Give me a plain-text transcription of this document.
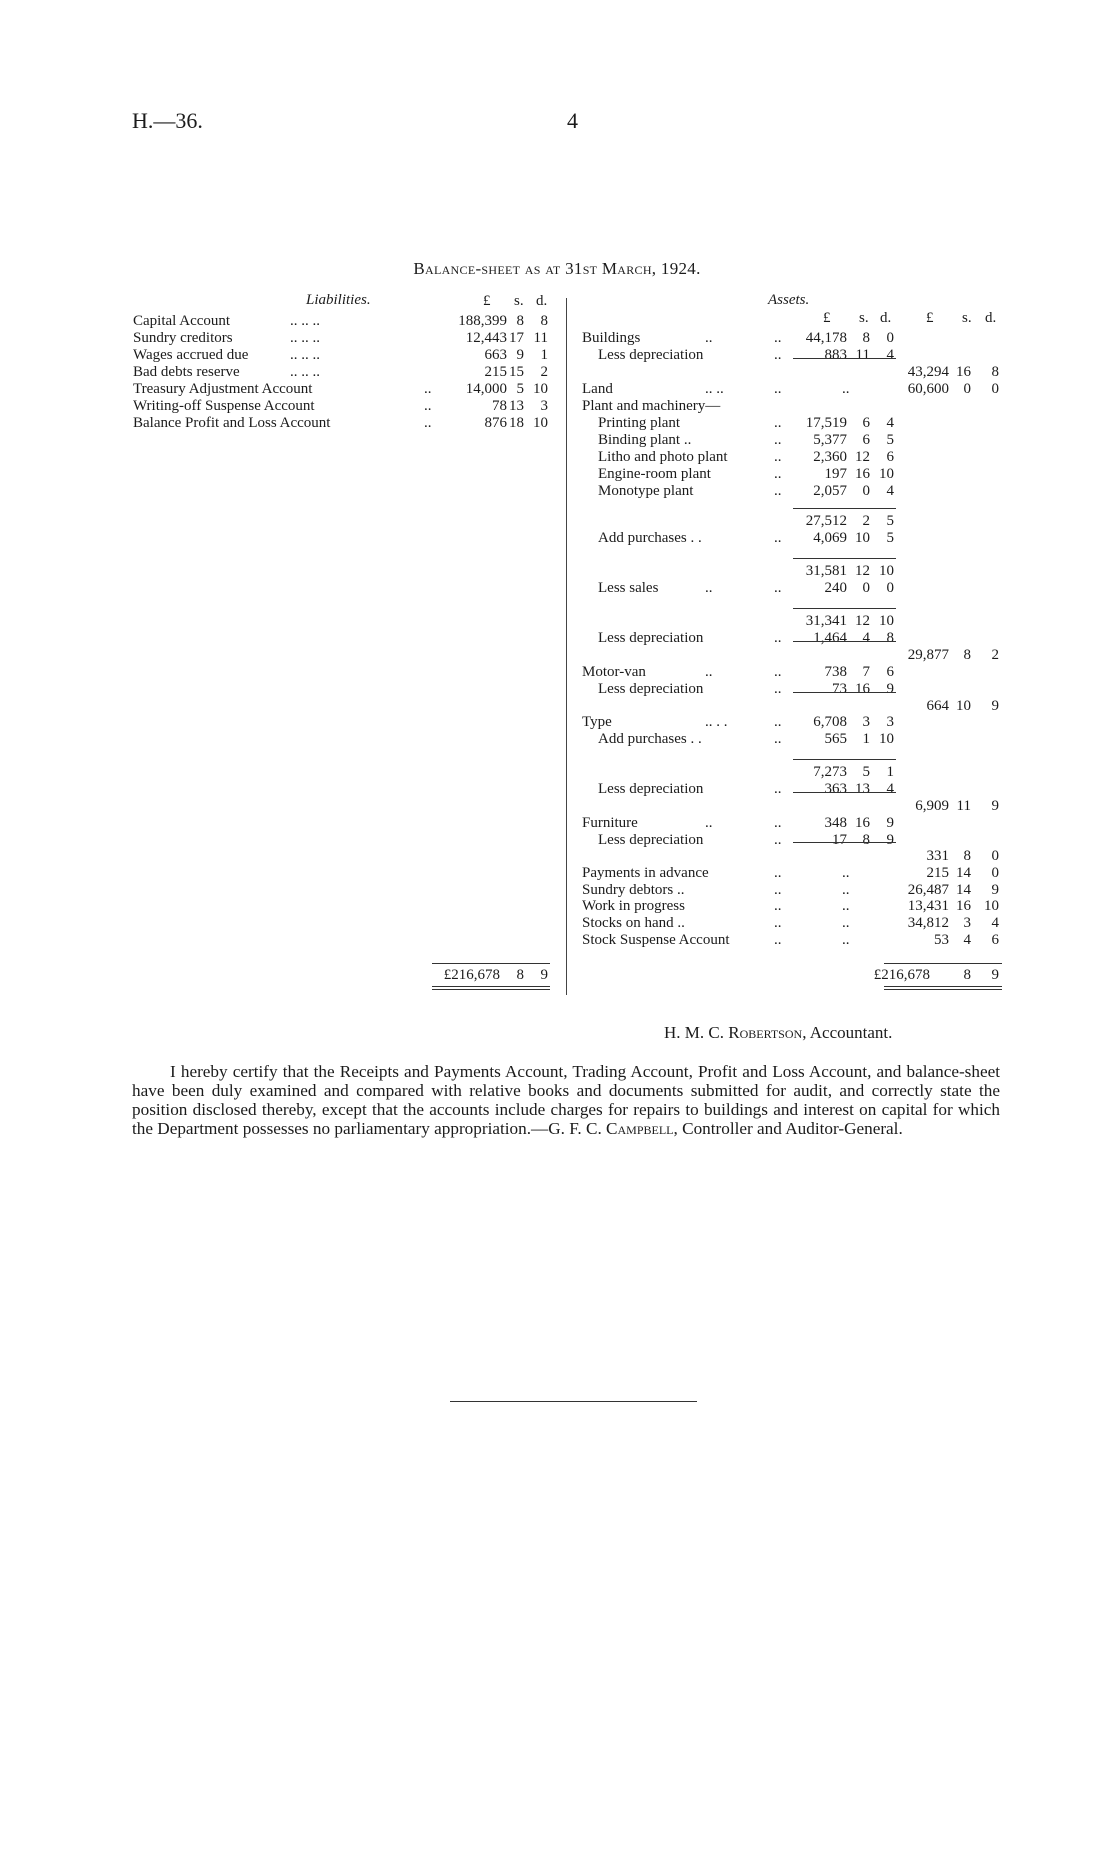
H.—36.	4
Balance-sheet as at 31st March, 1924.
Liabilities.	£ s. d.
Capital Account	.. .. ..	188,399 8	8
Sundry creditors	.. .. ..	12,443 17 11
Wages accrued due	.. .. ..	663 9	1
Bad debts reserve	.. .. ..	215 15	2
Treasury Adjustment Account	..	14,000 5 10
Writing-off Suspense Account	..	78 13	3
Balance Profit and Loss Account	..	876 18 10
£216,678	8	9
Assets.
£ s. d. £ s. d.
Buildings	..	..	44,178	8	0
Less depreciation	..	883 11	4
43,294 16	8
Land	.. ..	..	..	60,600 0	0
Plant and machinery—
Printing plant	..	17,519	6	4
Binding plant ..	..	5,377	6	5
Litho and photo plant	..	2,360 12	6
Engine-room plant	..	197 16 10
Monotype plant	..	2,057	0	4
27,512	2	5
Add purchases . .	..	4,069 10	5
31,581 12 10
Less sales	..	..	240	0	0
31,341 12 10
Less depreciation	..	1,464	4	8
29,877 8	2
Motor-van	..	..	738	7	6
Less depreciation	..	73 16	9
664 10	9
Type	.. . .	..	6,708	3	3
Add purchases . .	..	565	1 10
7,273	5	1
Less depreciation	..	363 13	4
6,909 11	9
Furniture	..	..	348 16	9
Less depreciation	..	17	8	9
331 8	0
Payments in advance	..	..	215 14	0
Sundry debtors ..	..	..	26,487 14	9
Work in progress	..	..	13,431 16 10
Stocks on hand ..	..	..	34,812 3	4
Stock Suspense Account	..	..	53 4	6
£216,678	8	9
H. M. C. Robertson, Accountant.

I hereby certify that the Receipts and Payments Account, Trading Account, Profit and Loss Account, and balance-sheet have been duly examined and compared with relative books and documents submitted for audit, and correctly state the position disclosed thereby, except that the accounts include charges for repairs to buildings and interest on capital for which the Department possesses no parliamentary appropriation.—G. F. C. Campbell, Controller and Auditor-General.
